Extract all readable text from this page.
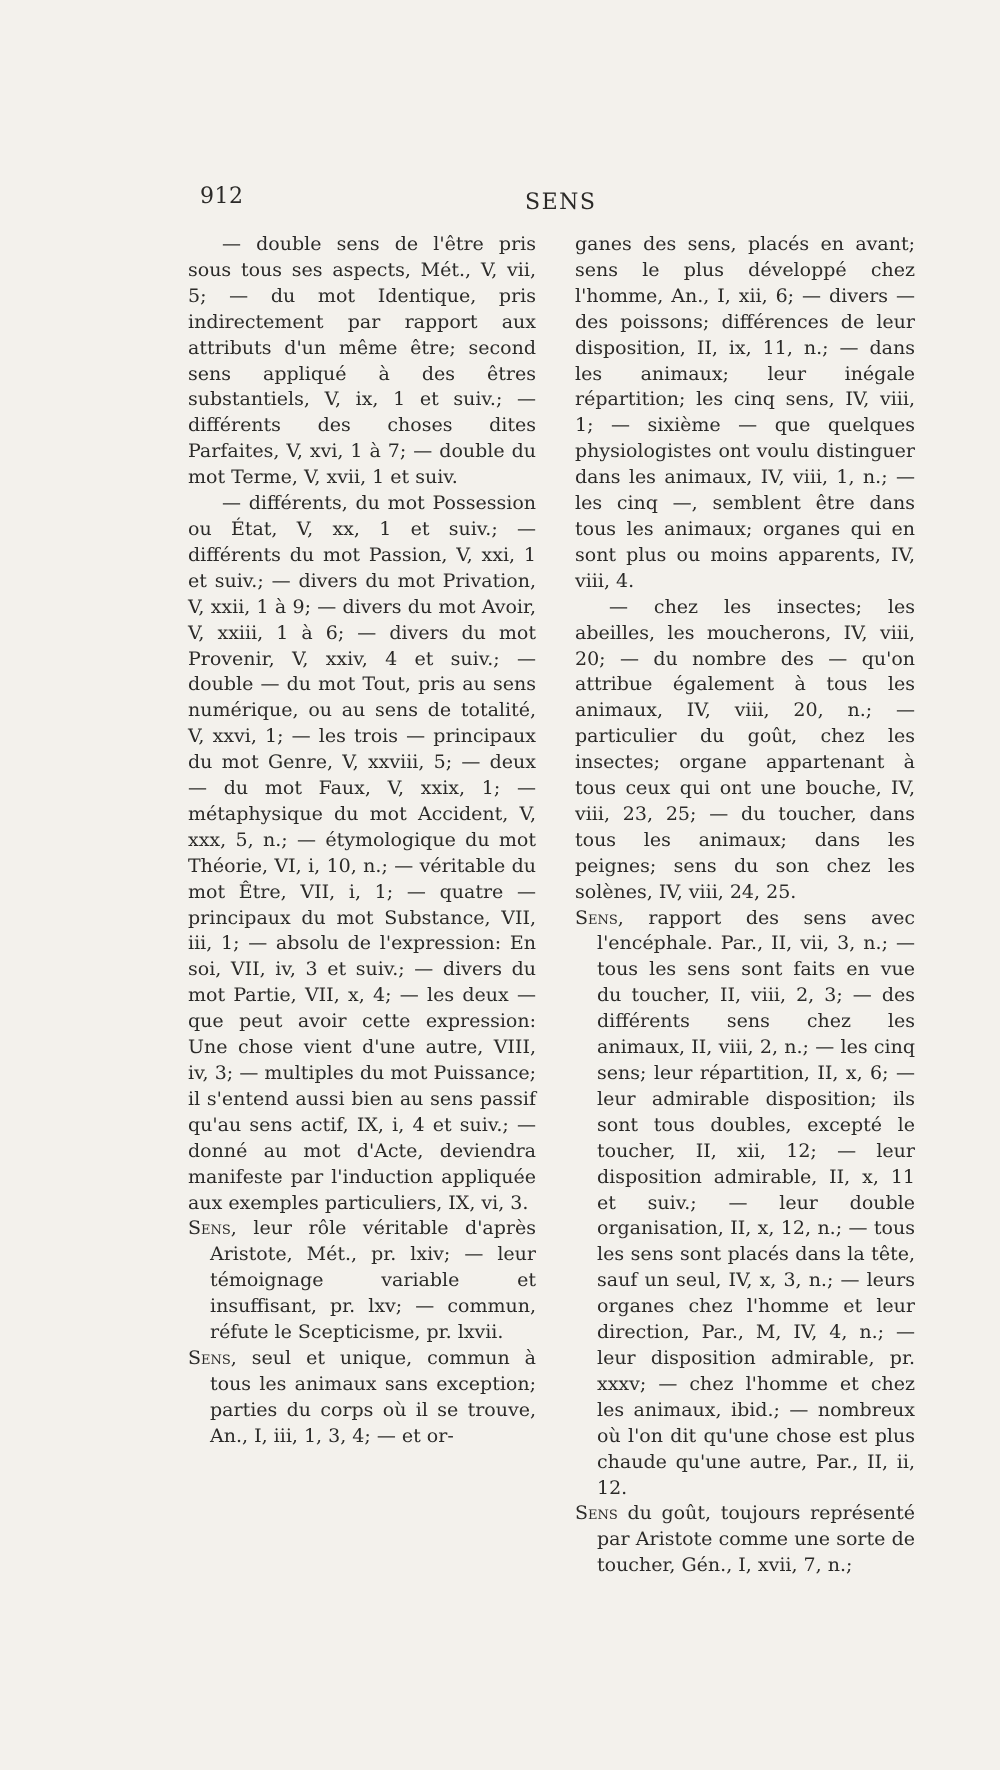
912	SENS

— double sens de l'être pris sous tous ses aspects, Mét., V, vii, 5; — du mot Identique, pris indirectement par rapport aux attributs d'un même être; second sens appliqué à des êtres substantiels, V, ix, 1 et suiv.; — différents des choses dites Parfaites, V, xvi, 1 à 7; — double du mot Terme, V, xvii, 1 et suiv.

— différents, du mot Possession ou État, V, xx, 1 et suiv.; — différents du mot Passion, V, xxi, 1 et suiv.; — divers du mot Privation, V, xxii, 1 à 9; — divers du mot Avoir, V, xxiii, 1 à 6; — divers du mot Provenir, V, xxiv, 4 et suiv.; — double — du mot Tout, pris au sens numérique, ou au sens de totalité, V, xxvi, 1; — les trois — principaux du mot Genre, V, xxviii, 5; — deux — du mot Faux, V, xxix, 1; — métaphysique du mot Accident, V, xxx, 5, n.; — étymologique du mot Théorie, VI, i, 10, n.; — véritable du mot Être, VII, i, 1; — quatre — principaux du mot Substance, VII, iii, 1; — absolu de l'expression: En soi, VII, iv, 3 et suiv.; — divers du mot Partie, VII, x, 4; — les deux — que peut avoir cette expression: Une chose vient d'une autre, VIII, iv, 3; — multiples du mot Puissance; il s'entend aussi bien au sens passif qu'au sens actif, IX, i, 4 et suiv.; — donné au mot d'Acte, deviendra manifeste par l'induction appliquée aux exemples particuliers, IX, vi, 3.

Sens, leur rôle véritable d'après Aristote, Mét., pr. lxiv; — leur témoignage variable et insuffisant, pr. lxv; — commun, réfute le Scepticisme, pr. lxvii.

Sens, seul et unique, commun à tous les animaux sans exception; parties du corps où il se trouve, An., I, iii, 1, 3, 4; — et or-

ganes des sens, placés en avant; sens le plus développé chez l'homme, An., I, xii, 6; — divers — des poissons; différences de leur disposition, II, ix, 11, n.; — dans les animaux; leur inégale répartition; les cinq sens, IV, viii, 1; — sixième — que quelques physiologistes ont voulu distinguer dans les animaux, IV, viii, 1, n.; — les cinq —, semblent être dans tous les animaux; organes qui en sont plus ou moins apparents, IV, viii, 4.

— chez les insectes; les abeilles, les moucherons, IV, viii, 20; — du nombre des — qu'on attribue également à tous les animaux, IV, viii, 20, n.; — particulier du goût, chez les insectes; organe appartenant à tous ceux qui ont une bouche, IV, viii, 23, 25; — du toucher, dans tous les animaux; dans les peignes; sens du son chez les solènes, IV, viii, 24, 25.

Sens, rapport des sens avec l'encéphale. Par., II, vii, 3, n.; — tous les sens sont faits en vue du toucher, II, viii, 2, 3; — des différents sens chez les animaux, II, viii, 2, n.; — les cinq sens; leur répartition, II, x, 6; — leur admirable disposition; ils sont tous doubles, excepté le toucher, II, xii, 12; — leur disposition admirable, II, x, 11 et suiv.; — leur double organisation, II, x, 12, n.; — tous les sens sont placés dans la tête, sauf un seul, IV, x, 3, n.; — leurs organes chez l'homme et leur direction, Par., M, IV, 4, n.; — leur disposition admirable, pr. xxxv; — chez l'homme et chez les animaux, ibid.; — nombreux où l'on dit qu'une chose est plus chaude qu'une autre, Par., II, ii, 12.

Sens du goût, toujours représenté par Aristote comme une sorte de toucher, Gén., I, xvii, 7, n.;
